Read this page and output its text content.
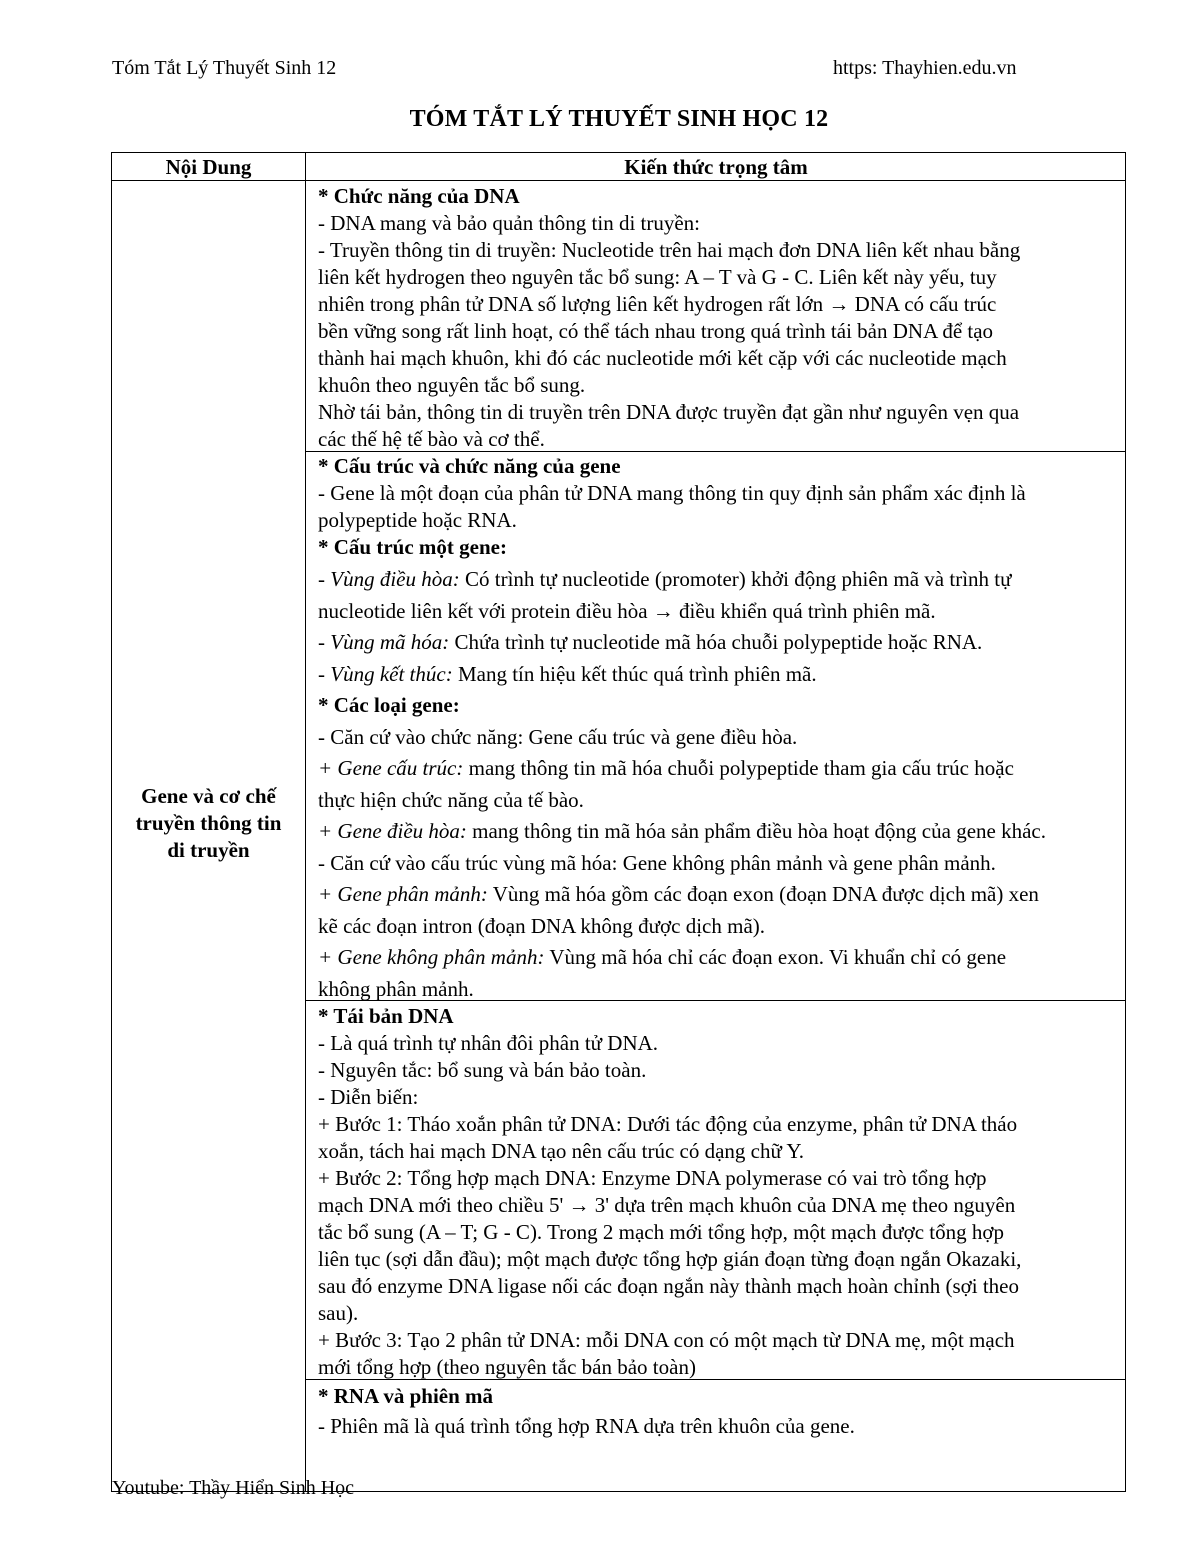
Tóm Tắt Lý Thuyết Sinh 12	https: Thayhien.edu.vn
TÓM TẮT LÝ THUYẾT SINH HỌC 12
Nội Dung	Kiến thức trọng tâm
Gene và cơ chế
truyền thông tin
di truyền

* Chức năng của DNA

- DNA mang và bảo quản thông tin di truyền:

- Truyền thông tin di truyền: Nucleotide trên hai mạch đơn DNA liên kết nhau bằng

liên kết hydrogen theo nguyên tắc bổ sung: A – T và G - C. Liên kết này yếu, tuy

nhiên trong phân tử DNA số lượng liên kết hydrogen rất lớn → DNA có cấu trúc

bền vững song rất linh hoạt, có thể tách nhau trong quá trình tái bản DNA để tạo

thành hai mạch khuôn, khi đó các nucleotide mới kết cặp với các nucleotide mạch

khuôn theo nguyên tắc bổ sung.

Nhờ tái bản, thông tin di truyền trên DNA được truyền đạt gần như nguyên vẹn qua

các thế hệ tế bào và cơ thể.

* Cấu trúc và chức năng của gene

- Gene là một đoạn của phân tử DNA mang thông tin quy định sản phẩm xác định là

polypeptide hoặc RNA.

* Cấu trúc một gene:

- Vùng điều hòa: Có trình tự nucleotide (promoter) khởi động phiên mã và trình tự

nucleotide liên kết với protein điều hòa → điều khiển quá trình phiên mã.

- Vùng mã hóa: Chứa trình tự nucleotide mã hóa chuỗi polypeptide hoặc RNA.

- Vùng kết thúc: Mang tín hiệu kết thúc quá trình phiên mã.

* Các loại gene:

- Căn cứ vào chức năng: Gene cấu trúc và gene điều hòa.

+ Gene cấu trúc: mang thông tin mã hóa chuỗi polypeptide tham gia cấu trúc hoặc

thực hiện chức năng của tế bào.

+ Gene điều hòa: mang thông tin mã hóa sản phẩm điều hòa hoạt động của gene khác.

- Căn cứ vào cấu trúc vùng mã hóa: Gene không phân mảnh và gene phân mảnh.

+ Gene phân mảnh: Vùng mã hóa gồm các đoạn exon (đoạn DNA được dịch mã) xen

kẽ các đoạn intron (đoạn DNA không được dịch mã).

+ Gene không phân mảnh: Vùng mã hóa chỉ các đoạn exon. Vi khuẩn chỉ có gene

không phân mảnh.

* Tái bản DNA

- Là quá trình tự nhân đôi phân tử DNA.

- Nguyên tắc: bổ sung và bán bảo toàn.

- Diễn biến:

+ Bước 1: Tháo xoắn phân tử DNA: Dưới tác động của enzyme, phân tử DNA tháo

xoắn, tách hai mạch DNA tạo nên cấu trúc có dạng chữ Y.

+ Bước 2: Tổng hợp mạch DNA: Enzyme DNA polymerase có vai trò tổng hợp

mạch DNA mới theo chiều 5' → 3' dựa trên mạch khuôn của DNA mẹ theo nguyên

tắc bổ sung (A – T; G - C). Trong 2 mạch mới tổng hợp, một mạch được tổng hợp

liên tục (sợi dẫn đầu); một mạch được tổng hợp gián đoạn từng đoạn ngắn Okazaki,

sau đó enzyme DNA ligase nối các đoạn ngắn này thành mạch hoàn chỉnh (sợi theo

sau).

+ Bước 3: Tạo 2 phân tử DNA: mỗi DNA con có một mạch từ DNA mẹ, một mạch

mới tổng hợp (theo nguyên tắc bán bảo toàn)

* RNA và phiên mã

- Phiên mã là quá trình tổng hợp RNA dựa trên khuôn của gene.

Youtube: Thầy Hiển Sinh Học
